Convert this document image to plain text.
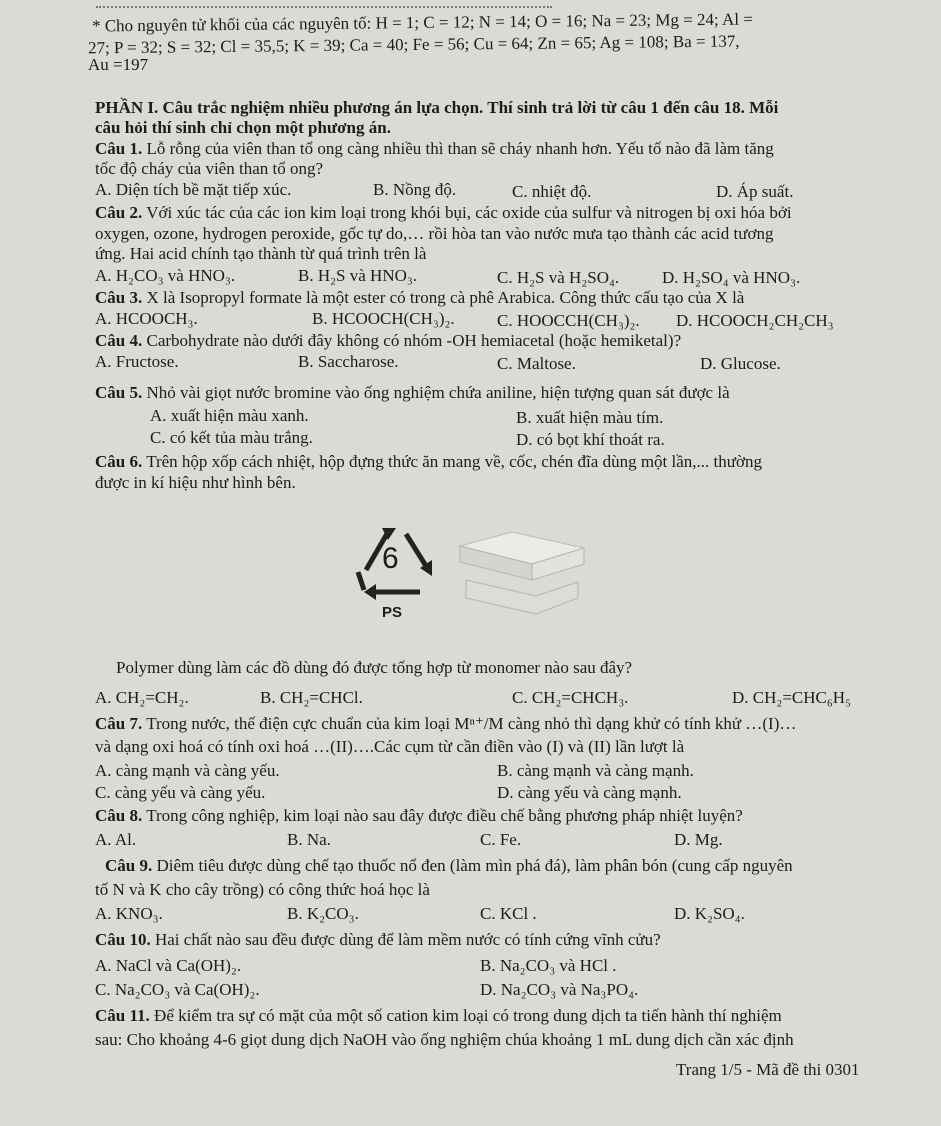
* Cho nguyên tử khối của các nguyên tố: H = 1; C = 12; N = 14; O = 16; Na = 23; Mg = 24; Al =
27; P = 32; S = 32; Cl = 35,5; K = 39; Ca = 40; Fe = 56; Cu = 64; Zn = 65; Ag = 108; Ba = 137,
Au =197
PHẦN I. Câu trắc nghiệm nhiều phương án lựa chọn. Thí sinh trả lời từ câu 1 đến câu 18. Mỗi
câu hỏi thí sinh chỉ chọn một phương án.
Câu 1. Lỗ rỗng của viên than tổ ong càng nhiều thì than sẽ cháy nhanh hơn. Yếu tố nào đã làm tăng
tốc độ cháy của viên than tổ ong?
A. Diện tích bề mặt tiếp xúc.	B. Nồng độ.	C. nhiệt độ.	D. Áp suất.
Câu 2. Với xúc tác của các ion kim loại trong khói bụi, các oxide của sulfur và nitrogen bị oxi hóa bởi
oxygen, ozone, hydrogen peroxide, gốc tự do,… rồi hòa tan vào nước mưa tạo thành các acid tương
ứng. Hai acid chính tạo thành từ quá trình trên là
A. H₂CO₃ và HNO₃.	B. H₂S và HNO₃.	C. H₂S và H₂SO₄.	D. H₂SO₄ và HNO₃.
Câu 3. X là Isopropyl formate là một ester có trong cà phê Arabica. Công thức cấu tạo của X là
A. HCOOCH₃.	B. HCOOCH(CH₃)₂. C. HOOCCH(CH₃)₂. D. HCOOCH₂CH₂CH₃
Câu 4. Carbohydrate nào dưới đây không có nhóm -OH hemiacetal (hoặc hemiketal)?
A. Fructose.	B. Saccharose.	C. Maltose.	D. Glucose.
Câu 5. Nhỏ vài giọt nước bromine vào ống nghiệm chứa aniline, hiện tượng quan sát được là
A. xuất hiện màu xanh.	B. xuất hiện màu tím.
C. có kết tủa màu trắng.	D. có bọt khí thoát ra.
Câu 6. Trên hộp xốp cách nhiệt, hộp đựng thức ăn mang về, cốc, chén đĩa dùng một lần,... thường
được in kí hiệu như hình bên.
6
PS
Polymer dùng làm các đồ dùng đó được tổng hợp từ monomer nào sau đây?
A. CH₂=CH₂.	B. CH₂=CHCl.	C. CH₂=CHCH₃.	D. CH₂=CHC₆H₅
Câu 7. Trong nước, thế điện cực chuẩn của kim loại Mⁿ⁺/M càng nhỏ thì dạng khử có tính khử …(I)…
và dạng oxi hoá có tính oxi hoá …(II)….Các cụm từ cần điền vào (I) và (II) lần lượt là
A. càng mạnh và càng yếu.	B. càng mạnh và càng mạnh.
C. càng yếu và càng yếu.	D. càng yếu và càng mạnh.
Câu 8. Trong công nghiệp, kim loại nào sau đây được điều chế bằng phương pháp nhiệt luyện?
A. Al.	B. Na.	C. Fe.	D. Mg.
Câu 9. Diêm tiêu được dùng chế tạo thuốc nổ đen (làm mìn phá đá), làm phân bón (cung cấp nguyên
tố N và K cho cây trồng) có công thức hoá học là
A. KNO₃.	B. K₂CO₃.	C. KCl .	D. K₂SO₄.
Câu 10. Hai chất nào sau đều được dùng để làm mềm nước có tính cứng vĩnh cửu?
A. NaCl và Ca(OH)₂.	B. Na₂CO₃ và HCl .
C. Na₂CO₃ và Ca(OH)₂.	D. Na₂CO₃ và Na₃PO₄.
Câu 11. Để kiểm tra sự có mặt của một số cation kim loại có trong dung dịch ta tiến hành thí nghiệm
sau: Cho khoảng 4-6 giọt dung dịch NaOH vào ống nghiệm chúa khoảng 1 mL dung dịch cần xác định
Trang 1/5 - Mã đề thi 0301
